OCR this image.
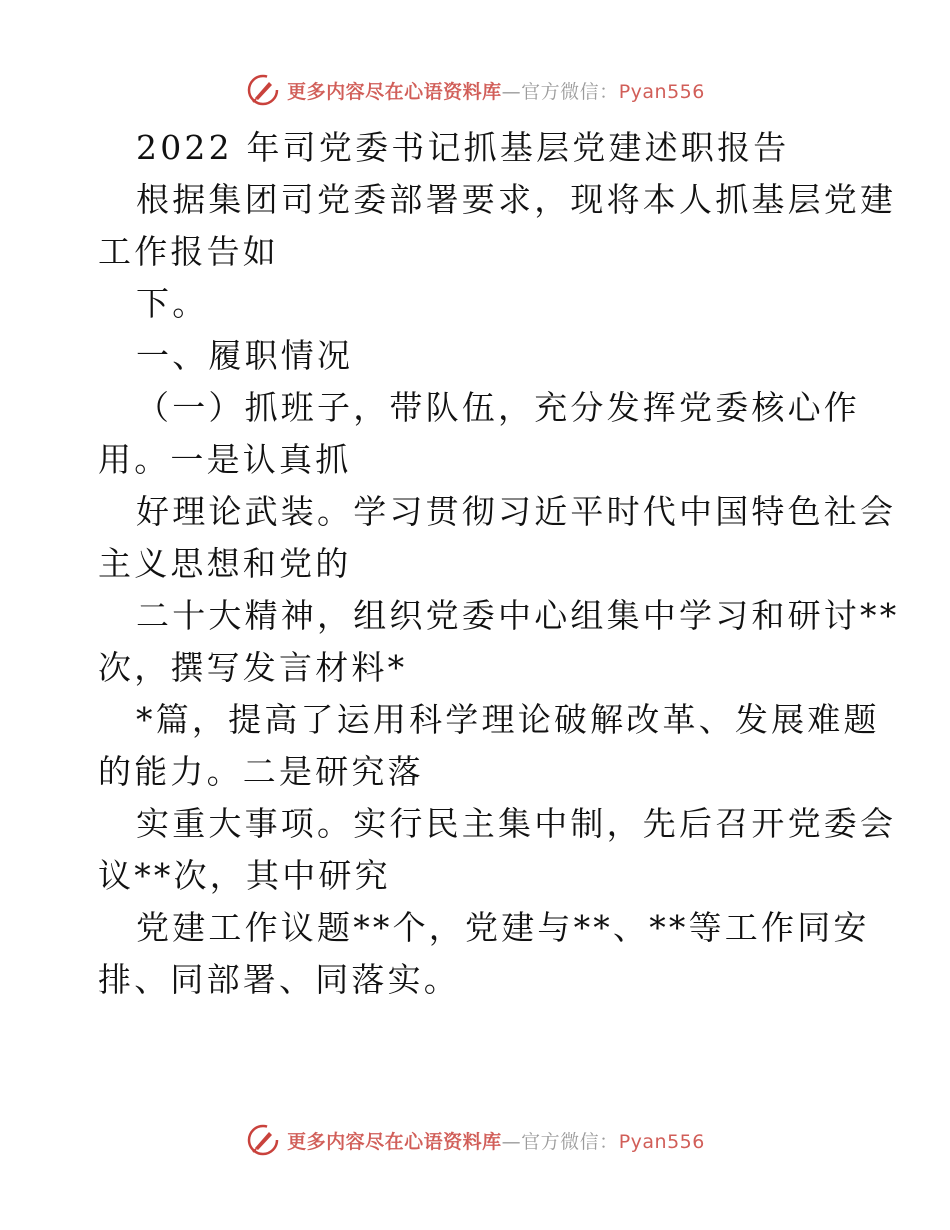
更多内容尽在心语资料库—官方微信：Pyan556
2022 年司党委书记抓基层党建述职报告
根据集团司党委部署要求，现将本人抓基层党建
工作报告如
下。
一、履职情况
（一）抓班子，带队伍，充分发挥党委核心作
用。一是认真抓
好理论武装。学习贯彻习近平时代中国特色社会
主义思想和党的
二十大精神，组织党委中心组集中学习和研讨**
次，撰写发言材料*
*篇，提高了运用科学理论破解改革、发展难题
的能力。二是研究落
实重大事项。实行民主集中制，先后召开党委会
议**次，其中研究
党建工作议题**个，党建与**、**等工作同安
排、同部署、同落实。
更多内容尽在心语资料库—官方微信：Pyan556
